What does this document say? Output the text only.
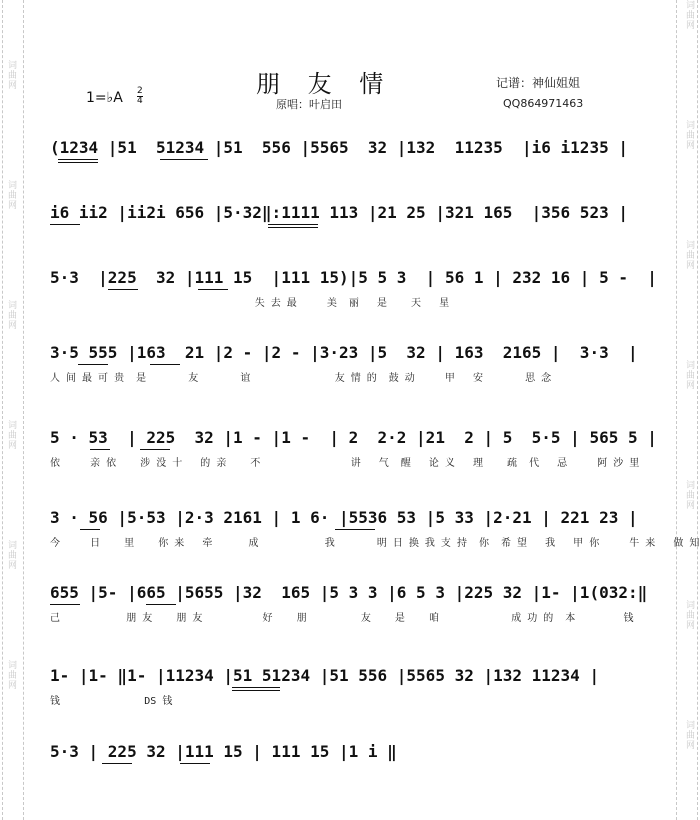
词曲网
词曲网
词曲网
词曲网
词曲网
词曲网
词曲网
词曲网
词曲网
词曲网
词曲网
词曲网
词曲网
朋 友 情
1=♭A 2
4	原唱：叶启田
记谱：神仙姐姐
QQ864971463
(1234 |51  51234 |51  556 |5565  32 |132  11235  |i6 i1235 |
i6 ii2 |ii2i 656 |5·32‖:1111 113 |21 25 |321 165  |356 523 |
5·3  |225  32 |111 15  |111 15)|5 5 3  | 56 1 | 232 16 | 5 -  |
失 去 最     美  丽   是    天   星
3·5 555 |163  21 |2 - |2 - |3·23 |5  32 | 163  2165 |  3·3  |
人 间 最 可 贵  是       友       谊              友 情 的  鼓 动     甲   安       思 念
5 · 53  | 225  32 |1 - |1 -  | 2  2·2 |21  2 | 5  5·5 | 565 5 |
依     亲 依    涉 没 十   的 亲    不               讲   气  醒   论 义   理    疏  代   忌     阿 沙 里
3 · 56 |5·53 |2·3 2161 | 1 6· |5536 53 |5 33 |2·21 | 221 23 |
今     日    里    你 来   牵      成           我       明 日 换 我 支 持  你  希 望   我   甲 你     牛 来   做 知
655 |5- |665 |5655 |32  165 |5 3 3 |6 5 3 |225 32 |1- |1(032:‖
己           朋 友    朋 友          好    朋         友    是    咱            成 功 的  本        钱
1- |1- ‖1- |11234 |51 51234 |51 556 |5565 32 |132 11234 |
钱              DS 钱
5·3 | 225 32 |111 15 | 111 15 |1 i ‖
